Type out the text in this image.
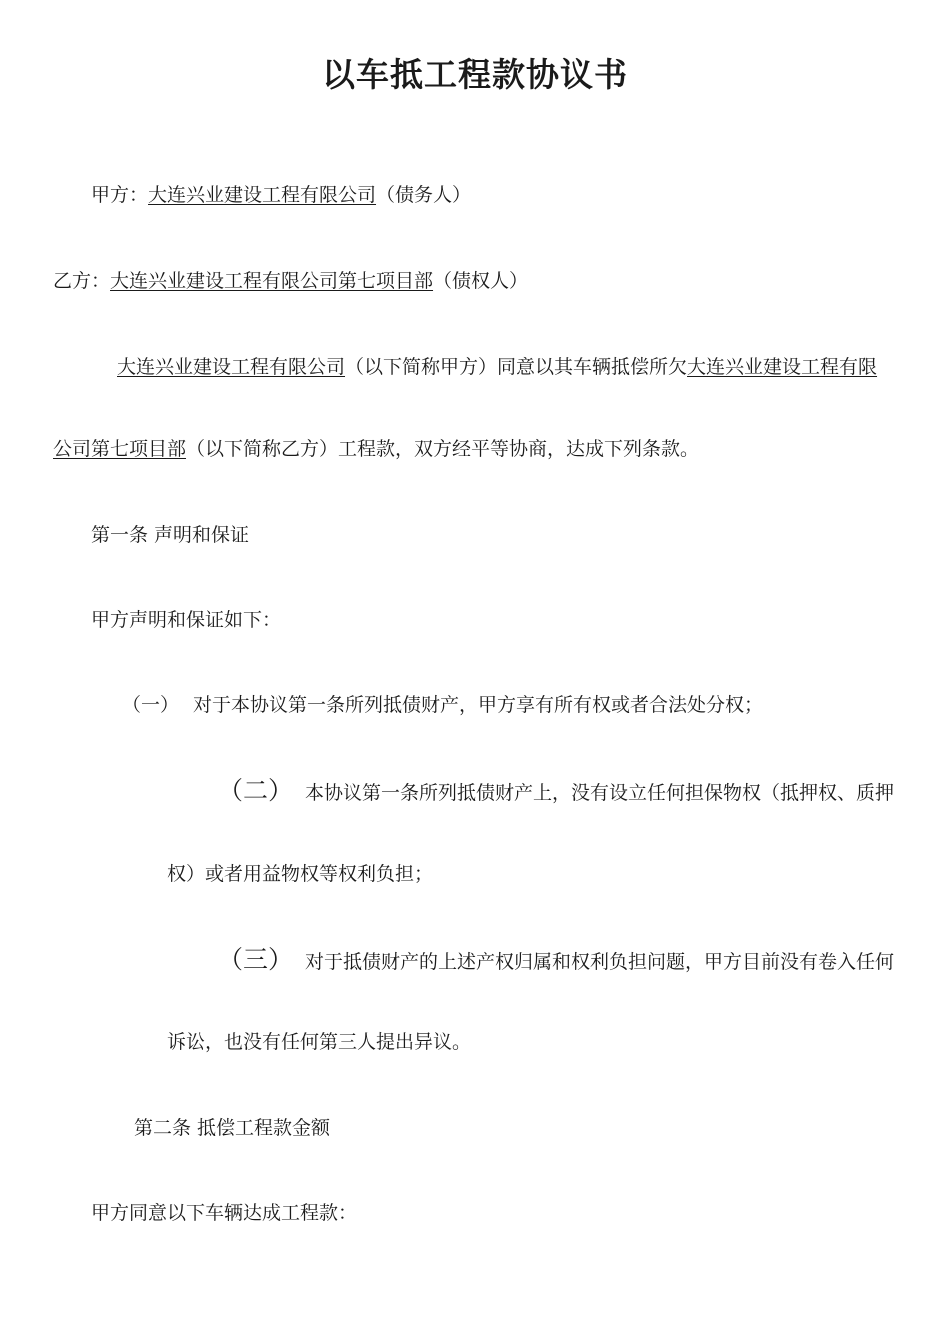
以车抵工程款协议书
甲方：大连兴业建设工程有限公司（债务人）
乙方：大连兴业建设工程有限公司第七项目部（债权人）
大连兴业建设工程有限公司（以下简称甲方）同意以其车辆抵偿所欠大连兴业建设工程有限
公司第七项目部（以下简称乙方）工程款，双方经平等协商，达成下列条款。
第一条 声明和保证
甲方声明和保证如下：
（一） 对于本协议第一条所列抵债财产，甲方享有所有权或者合法处分权；
（二） 本协议第一条所列抵债财产上，没有设立任何担保物权（抵押权、质押
权）或者用益物权等权利负担；
（三） 对于抵债财产的上述产权归属和权利负担问题，甲方目前没有卷入任何
诉讼，也没有任何第三人提出异议。
第二条 抵偿工程款金额
甲方同意以下车辆达成工程款：
